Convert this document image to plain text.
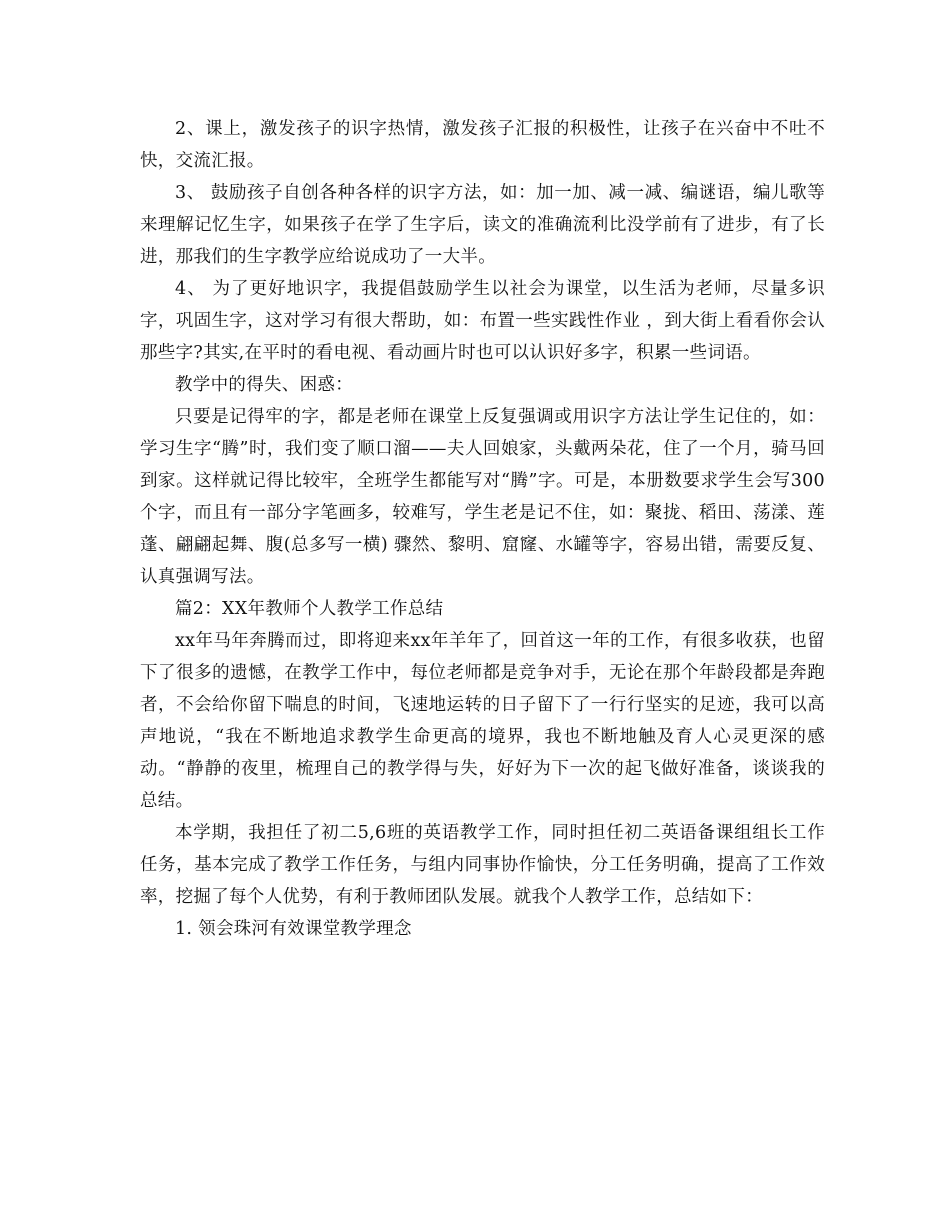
2、课上，激发孩子的识字热情，激发孩子汇报的积极性，让孩子在兴奋中不吐不快，交流汇报。

3、 鼓励孩子自创各种各样的识字方法，如：加一加、减一减、编谜语，编儿歌等来理解记忆生字，如果孩子在学了生字后，读文的准确流利比没学前有了进步，有了长进，那我们的生字教学应给说成功了一大半。

4、 为了更好地识字，我提倡鼓励学生以社会为课堂，以生活为老师，尽量多识字，巩固生字，这对学习有很大帮助，如：布置一些实践性作业 ，到大街上看看你会认那些字?其实,在平时的看电视、看动画片时也可以认识好多字，积累一些词语。

教学中的得失、困惑：

只要是记得牢的字，都是老师在课堂上反复强调或用识字方法让学生记住的，如：学习生字“腾”时，我们变了顺口溜——夫人回娘家，头戴两朵花，住了一个月，骑马回到家。这样就记得比较牢，全班学生都能写对“腾”字。可是，本册数要求学生会写300个字，而且有一部分字笔画多，较难写，学生老是记不住，如：聚拢、稻田、荡漾、莲蓬、翩翩起舞、腹(总多写一横) 骤然、黎明、窟窿、水罐等字，容易出错，需要反复、认真强调写法。

篇2：XX年教师个人教学工作总结

xx年马年奔腾而过，即将迎来xx年羊年了，回首这一年的工作，有很多收获，也留下了很多的遗憾，在教学工作中，每位老师都是竞争对手，无论在那个年龄段都是奔跑者，不会给你留下喘息的时间，飞速地运转的日子留下了一行行坚实的足迹，我可以高声地说，“我在不断地追求教学生命更高的境界，我也不断地触及育人心灵更深的感动。“静静的夜里，梳理自己的教学得与失，好好为下一次的起飞做好准备，谈谈我的总结。

本学期，我担任了初二5,6班的英语教学工作，同时担任初二英语备课组组长工作任务，基本完成了教学工作任务，与组内同事协作愉快，分工任务明确，提高了工作效率，挖掘了每个人优势，有利于教师团队发展。就我个人教学工作，总结如下：

1. 领会珠河有效课堂教学理念
